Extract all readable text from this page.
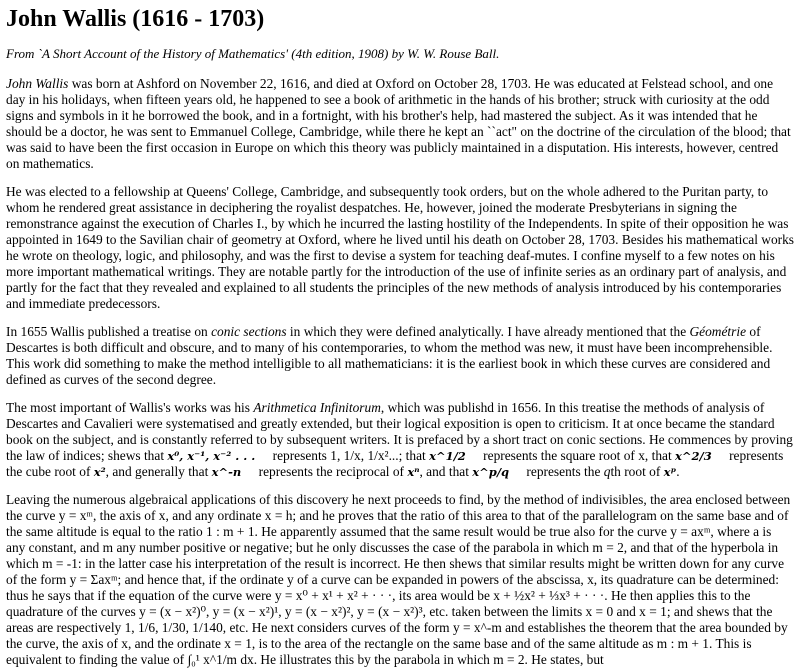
John Wallis (1616 - 1703)

From `A Short Account of the History of Mathematics' (4th edition, 1908) by W. W. Rouse Ball.

John Wallis was born at Ashford on November 22, 1616, and died at Oxford on October 28, 1703. He was educated at Felstead school, and one day in his holidays, when fifteen years old, he happened to see a book of arithmetic in the hands of his brother; struck with curiosity at the odd signs and symbols in it he borrowed the book, and in a fortnight, with his brother's help, had mastered the subject. As it was intended that he should be a doctor, he was sent to Emmanuel College, Cambridge, while there he kept an ``act" on the doctrine of the circulation of the blood; that was said to have been the first occasion in Europe on which this theory was publicly maintained in a disputation. His interests, however, centred on mathematics.

He was elected to a fellowship at Queens' College, Cambridge, and subsequently took orders, but on the whole adhered to the Puritan party, to whom he rendered great assistance in deciphering the royalist despatches. He, however, joined the moderate Presbyterians in signing the remonstrance against the execution of Charles I., by which he incurred the lasting hostility of the Independents. In spite of their opposition he was appointed in 1649 to the Savilian chair of geometry at Oxford, where he lived until his death on October 28, 1703. Besides his mathematical works he wrote on theology, logic, and philosophy, and was the first to devise a system for teaching deaf-mutes. I confine myself to a few notes on his more important mathematical writings. They are notable partly for the introduction of the use of infinite series as an ordinary part of analysis, and partly for the fact that they revealed and explained to all students the principles of the new methods of analysis introduced by his contemporaries and immediate predecessors.

In 1655 Wallis published a treatise on conic sections in which they were defined analytically. I have already mentioned that the Géométrie of Descartes is both difficult and obscure, and to many of his contemporaries, to whom the method was new, it must have been incomprehensible. This work did something to make the method intelligible to all mathematicians: it is the earliest book in which these curves are considered and defined as curves of the second degree.

The most important of Wallis's works was his Arithmetica Infinitorum, which was publishd in 1656. In this treatise the methods of analysis of Descartes and Cavalieri were systematised and greatly extended, but their logical exposition is open to criticism. It at once became the standard book on the subject, and is constantly referred to by subsequent writers. It is prefaced by a short tract on conic sections. He commences by proving the law of indices; shews that x⁰, x⁻¹, x⁻² . . . represents 1, 1/x, 1/x²...; that x^1/2 represents the square root of x, that x^2/3 represents the cube root of x², and generally that x^-n represents the reciprocal of xⁿ, and that x^p/q represents the qth root of xᵖ.

Leaving the numerous algebraical applications of this discovery he next proceeds to find, by the method of indivisibles, the area enclosed between the curve y = xᵐ, the axis of x, and any ordinate x = h; and he proves that the ratio of this area to that of the parallelogram on the same base and of the same altitude is equal to the ratio 1 : m + 1. He apparently assumed that the same result would be true also for the curve y = axᵐ, where a is any constant, and m any number positive or negative; but he only discusses the case of the parabola in which m = 2, and that of the hyperbola in which m = -1: in the latter case his interpretation of the result is incorrect. He then shews that similar results might be written down for any curve of the form y = Σaxᵐ; and hence that, if the ordinate y of a curve can be expanded in powers of the abscissa, x, its quadrature can be determined: thus he says that if the equation of the curve were y = x⁰ + x¹ + x² + · · ·, its area would be x + ½x² + ⅓x³ + · · ·. He then applies this to the quadrature of the curves y = (x − x²)⁰, y = (x − x²)¹, y = (x − x²)², y = (x − x²)³, etc. taken between the limits x = 0 and x = 1; and shews that the areas are respectively 1, 1/6, 1/30, 1/140, etc. He next considers curves of the form y = x^-m and establishes the theorem that the area bounded by the curve, the axis of x, and the ordinate x = 1, is to the area of the rectangle on the same base and of the same altitude as m : m + 1. This is equivalent to finding the value of ∫₀¹ x^1/m dx. He illustrates this by the parabola in which m = 2. He states, but
